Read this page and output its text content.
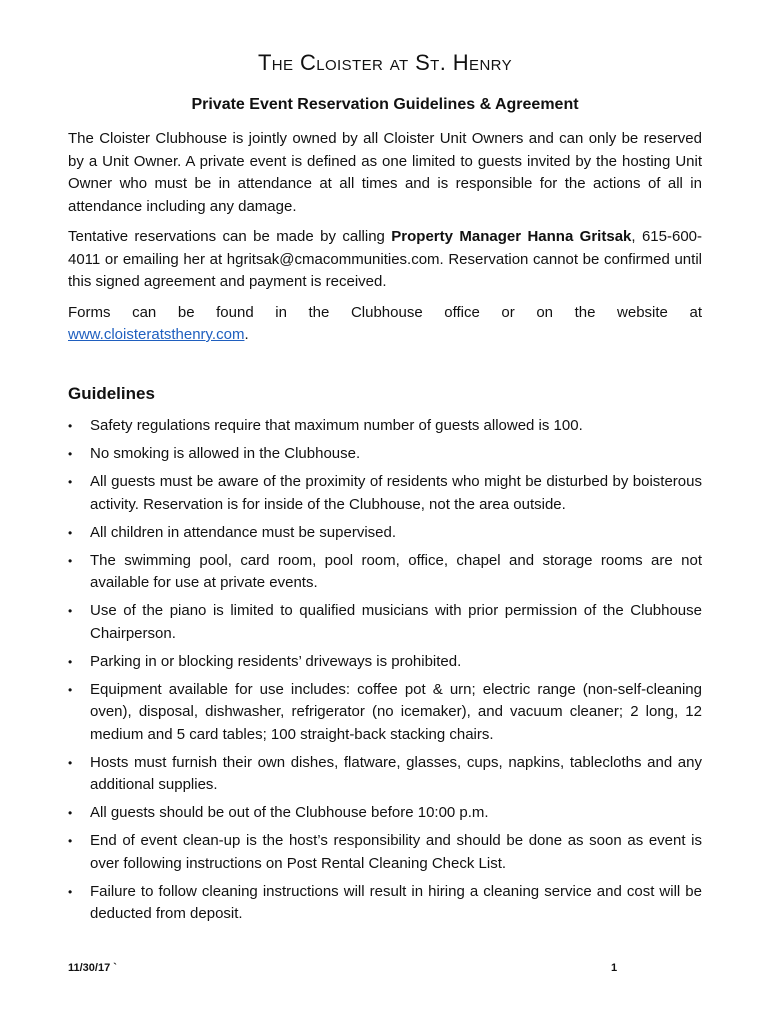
The Cloister at St. Henry
Private Event Reservation Guidelines & Agreement

The Cloister Clubhouse is jointly owned by all Cloister Unit Owners and can only be reserved by a Unit Owner. A private event is defined as one limited to guests invited by the hosting Unit Owner who must be in attendance at all times and is responsible for the actions of all in attendance including any damage.

Tentative reservations can be made by calling Property Manager Hanna Gritsak, 615-600-4011 or emailing her at hgritsak@cmacommunities.com. Reservation cannot be confirmed until this signed agreement and payment is received.

Forms can be found in the Clubhouse office or on the website at

www.cloisteratsthenry.com.

Guidelines
• Safety regulations require that maximum number of guests allowed is 100.
• No smoking is allowed in the Clubhouse.
• All guests must be aware of the proximity of residents who might be disturbed by boisterous activity. Reservation is for inside of the Clubhouse, not the area outside.
• All children in attendance must be supervised.
• The swimming pool, card room, pool room, office, chapel and storage rooms are not available for use at private events.
• Use of the piano is limited to qualified musicians with prior permission of the Clubhouse Chairperson.
• Parking in or blocking residents’ driveways is prohibited.
• Equipment available for use includes: coffee pot & urn; electric range (non-self-cleaning oven), disposal, dishwasher, refrigerator (no icemaker), and vacuum cleaner; 2 long, 12 medium and 5 card tables; 100 straight-back stacking chairs.
• Hosts must furnish their own dishes, flatware, glasses, cups, napkins, tablecloths and any additional supplies.
• All guests should be out of the Clubhouse before 10:00 p.m.
• End of event clean-up is the host’s responsibility and should be done as soon as event is over following instructions on Post Rental Cleaning Check List.
• Failure to follow cleaning instructions will result in hiring a cleaning service and cost will be deducted from deposit.
11/30/17 `	1
